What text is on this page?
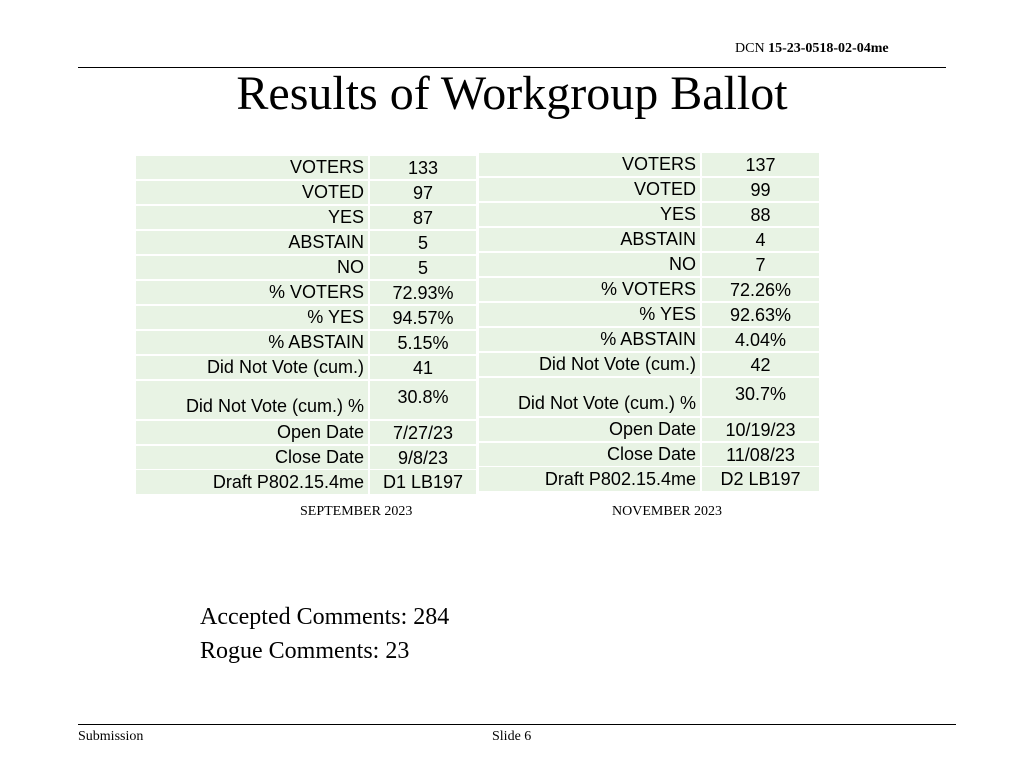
DCN 15-23-0518-02-04me
Results of Workgroup Ballot
VOTERS	133
VOTED	97
YES	87
ABSTAIN	5
NO	5
% VOTERS	72.93%
% YES	94.57%
% ABSTAIN	5.15%
Did Not Vote (cum.)	41
Did Not Vote (cum.) %	30.8%
Open Date	7/27/23
Close Date	9/8/23
Draft P802.15.4me	D1 LB197
VOTERS	137
VOTED	99
YES	88
ABSTAIN	4
NO	7
% VOTERS	72.26%
% YES	92.63%
% ABSTAIN	4.04%
Did Not Vote (cum.)	42
Did Not Vote (cum.) %	30.7%
Open Date	10/19/23
Close Date	11/08/23
Draft P802.15.4me	D2 LB197
SEPTEMBER 2023	NOVEMBER 2023
Accepted Comments: 284
Rogue Comments: 23
Submission	Slide 6
